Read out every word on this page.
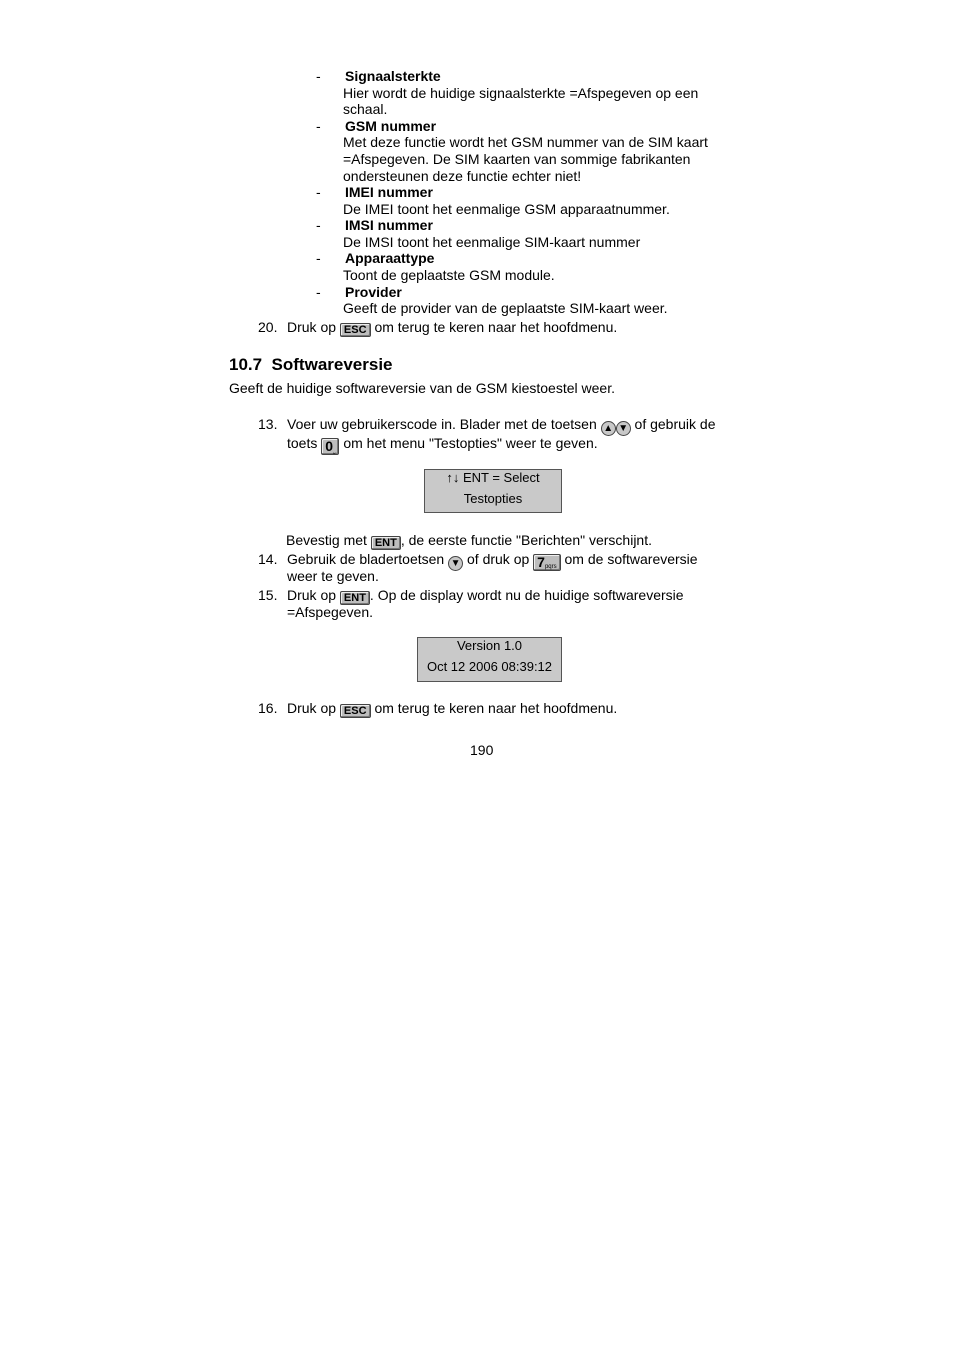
- Signaalsterkte
Hier wordt de huidige signaalsterkte =Afspegeven op een
schaal.
- GSM nummer
Met deze functie wordt het GSM nummer van de SIM kaart
=Afspegeven. De SIM kaarten van sommige fabrikanten
ondersteunen deze functie echter niet!
- IMEI nummer
De IMEI toont het eenmalige GSM apparaatnummer.
- IMSI nummer
De IMSI toont het eenmalige SIM-kaart nummer
- Apparaattype
Toont de geplaatste GSM module.
- Provider
Geeft de provider van de geplaatste SIM-kaart weer.
20. Druk op ESC om terug te keren naar het hoofdmenu.
10.7 Softwareversie
Geeft de huidige softwareversie van de GSM kiestoestel weer.
13. Voer uw gebruikerscode in. Blader met de toetsen ▲ ▼ of gebruik de
toets 0⎵ om het menu "Testopties" weer te geven.
↑↓ ENT = Select
Testopties
Bevestig met ENT , de eerste functie "Berichten" verschijnt.
14. Gebruik de bladertoetsen ▼ of druk op 7pqrs om de softwareversie
weer te geven.
15. Druk op ENT . Op de display wordt nu de huidige softwareversie
=Afspegeven.
Version 1.0
Oct 12 2006 08:39:12
16. Druk op ESC om terug te keren naar het hoofdmenu.
190
